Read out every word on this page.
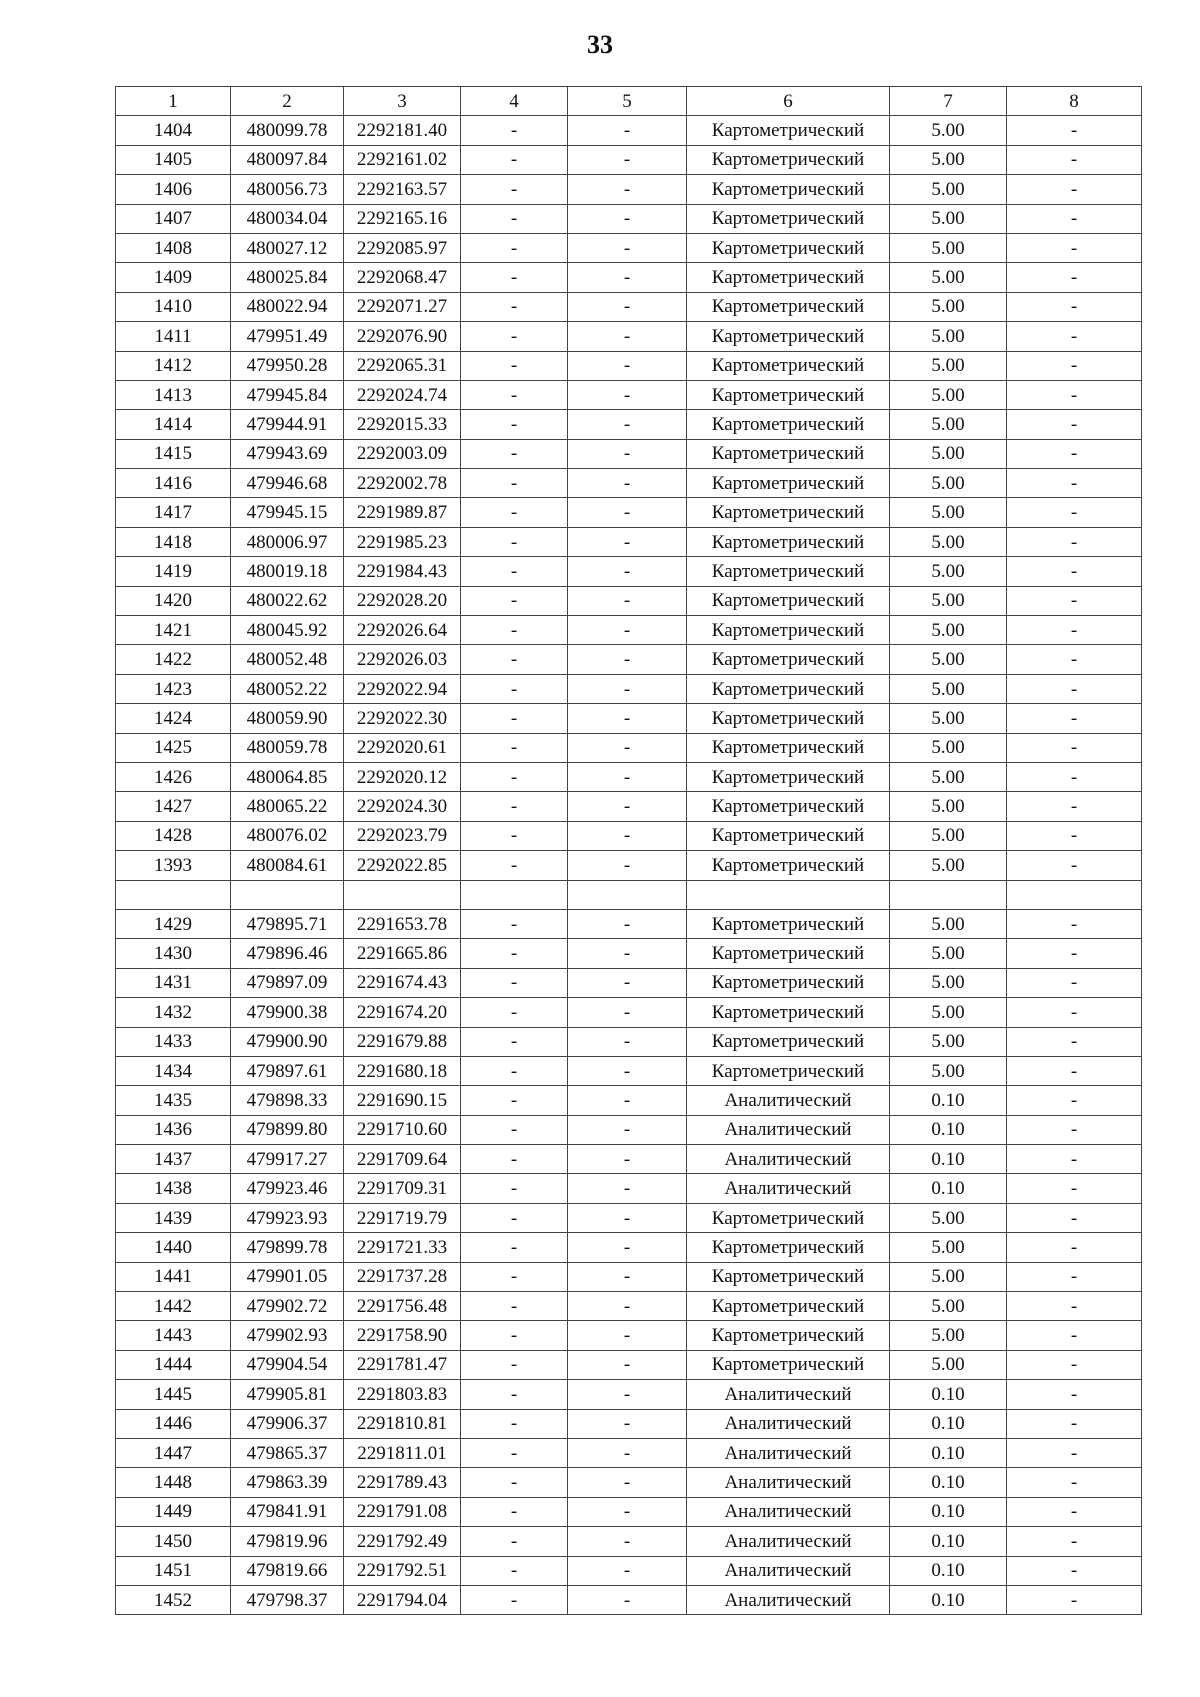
33
1	2	3	4	5	6	7	8
1404	480099.78	2292181.40	-	-	Картометрический	5.00	-
1405	480097.84	2292161.02	-	-	Картометрический	5.00	-
1406	480056.73	2292163.57	-	-	Картометрический	5.00	-
1407	480034.04	2292165.16	-	-	Картометрический	5.00	-
1408	480027.12	2292085.97	-	-	Картометрический	5.00	-
1409	480025.84	2292068.47	-	-	Картометрический	5.00	-
1410	480022.94	2292071.27	-	-	Картометрический	5.00	-
1411	479951.49	2292076.90	-	-	Картометрический	5.00	-
1412	479950.28	2292065.31	-	-	Картометрический	5.00	-
1413	479945.84	2292024.74	-	-	Картометрический	5.00	-
1414	479944.91	2292015.33	-	-	Картометрический	5.00	-
1415	479943.69	2292003.09	-	-	Картометрический	5.00	-
1416	479946.68	2292002.78	-	-	Картометрический	5.00	-
1417	479945.15	2291989.87	-	-	Картометрический	5.00	-
1418	480006.97	2291985.23	-	-	Картометрический	5.00	-
1419	480019.18	2291984.43	-	-	Картометрический	5.00	-
1420	480022.62	2292028.20	-	-	Картометрический	5.00	-
1421	480045.92	2292026.64	-	-	Картометрический	5.00	-
1422	480052.48	2292026.03	-	-	Картометрический	5.00	-
1423	480052.22	2292022.94	-	-	Картометрический	5.00	-
1424	480059.90	2292022.30	-	-	Картометрический	5.00	-
1425	480059.78	2292020.61	-	-	Картометрический	5.00	-
1426	480064.85	2292020.12	-	-	Картометрический	5.00	-
1427	480065.22	2292024.30	-	-	Картометрический	5.00	-
1428	480076.02	2292023.79	-	-	Картометрический	5.00	-
1393	480084.61	2292022.85	-	-	Картометрический	5.00	-

1429	479895.71	2291653.78	-	-	Картометрический	5.00	-
1430	479896.46	2291665.86	-	-	Картометрический	5.00	-
1431	479897.09	2291674.43	-	-	Картометрический	5.00	-
1432	479900.38	2291674.20	-	-	Картометрический	5.00	-
1433	479900.90	2291679.88	-	-	Картометрический	5.00	-
1434	479897.61	2291680.18	-	-	Картометрический	5.00	-
1435	479898.33	2291690.15	-	-	Аналитический	0.10	-
1436	479899.80	2291710.60	-	-	Аналитический	0.10	-
1437	479917.27	2291709.64	-	-	Аналитический	0.10	-
1438	479923.46	2291709.31	-	-	Аналитический	0.10	-
1439	479923.93	2291719.79	-	-	Картометрический	5.00	-
1440	479899.78	2291721.33	-	-	Картометрический	5.00	-
1441	479901.05	2291737.28	-	-	Картометрический	5.00	-
1442	479902.72	2291756.48	-	-	Картометрический	5.00	-
1443	479902.93	2291758.90	-	-	Картометрический	5.00	-
1444	479904.54	2291781.47	-	-	Картометрический	5.00	-
1445	479905.81	2291803.83	-	-	Аналитический	0.10	-
1446	479906.37	2291810.81	-	-	Аналитический	0.10	-
1447	479865.37	2291811.01	-	-	Аналитический	0.10	-
1448	479863.39	2291789.43	-	-	Аналитический	0.10	-
1449	479841.91	2291791.08	-	-	Аналитический	0.10	-
1450	479819.96	2291792.49	-	-	Аналитический	0.10	-
1451	479819.66	2291792.51	-	-	Аналитический	0.10	-
1452	479798.37	2291794.04	-	-	Аналитический	0.10	-
